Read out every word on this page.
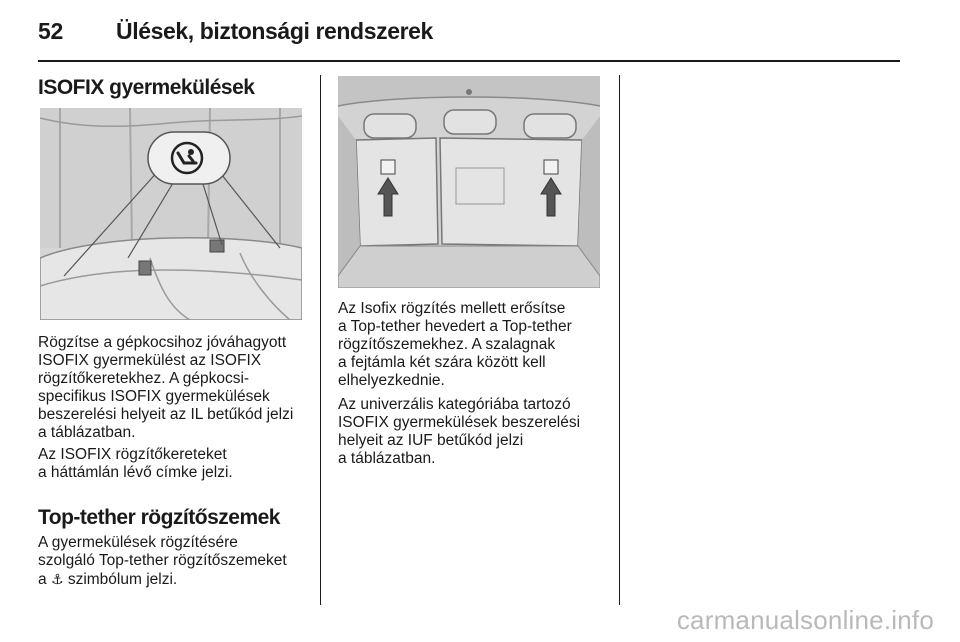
52 Ülések, biztonsági rendszerek
ISOFIX gyermekülések
Rögzítse a gépkocsihoz jóváhagyott
ISOFIX gyermekülést az ISOFIX
rögzítőkeretekhez. A gépkocsi-
specifikus ISOFIX gyermekülések
beszerelési helyeit az IL betűkód jelzi
a táblázatban.
Az ISOFIX rögzítőkereteket
a háttámlán lévő címke jelzi.
Top-tether rögzítőszemek
A gyermekülések rögzítésére
szolgáló Top-tether rögzítőszemeket
a ⚓ szimbólum jelzi.
Az Isofix rögzítés mellett erősítse
a Top-tether hevedert a Top-tether
rögzítőszemekhez. A szalagnak
a fejtámla két szára között kell
elhelyezkednie.
Az univerzális kategóriába tartozó
ISOFIX gyermekülések beszerelési
helyeit az IUF betűkód jelzi
a táblázatban.
carmanualsonline.info
